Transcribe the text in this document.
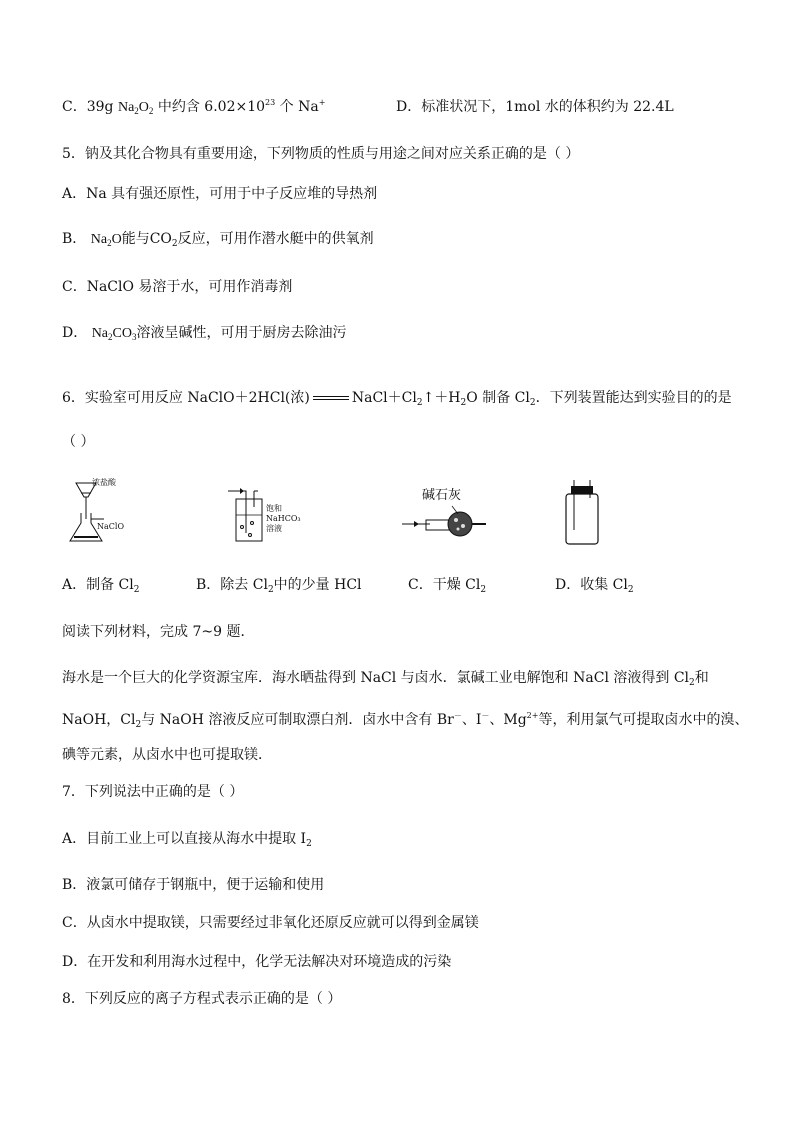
C．39g $Na_2O_2$ 中约含 $6.02\times 10^{23}$ 个 Na+	D．标准状况下，1mol 水的体积约为 22.4L
5．钠及其化合物具有重要用途，下列物质的性质与用途之间对应关系正确的是（ ）
A．Na 具有强还原性，可用于中子反应堆的导热剂
B． $Na_2O$能与$CO_2$反应，可用作潜水艇中的供氧剂
C．NaClO 易溶于水，可用作消毒剂
D． $Na_2CO_3$溶液呈碱性，可用于厨房去除油污
6．实验室可用反应 NaClO＋2HCl(浓)	$NaCl+Cl_2↑+H_2O$ 制备 $Cl_2$．下列装置能达到实验目的的是
（ ）
浓盐酸
NaClO
饱和
NaHCO₃
溶液
碱石灰
A．制备 $Cl_2$	B．除去 $Cl_2$中的少量 HCl	C．干燥 $Cl_2$	D．收集 $Cl_2$
阅读下列材料，完成 7~9 题．
海水是一个巨大的化学资源宝库．海水晒盐得到 NaCl 与卤水．氯碱工业电解饱和 NaCl 溶液得到 $Cl_2$和
NaOH，$Cl_2$与 NaOH 溶液反应可制取漂白剂．卤水中含有 Br－、I－、$Mg^{2+}$等，利用氯气可提取卤水中的溴、
碘等元素，从卤水中也可提取镁．
7．下列说法中正确的是（ ）
A．目前工业上可以直接从海水中提取 $I_2$
B．液氯可储存于钢瓶中，便于运输和使用
C．从卤水中提取镁，只需要经过非氧化还原反应就可以得到金属镁
D．在开发和利用海水过程中，化学无法解决对环境造成的污染
8．下列反应的离子方程式表示正确的是（ ）
